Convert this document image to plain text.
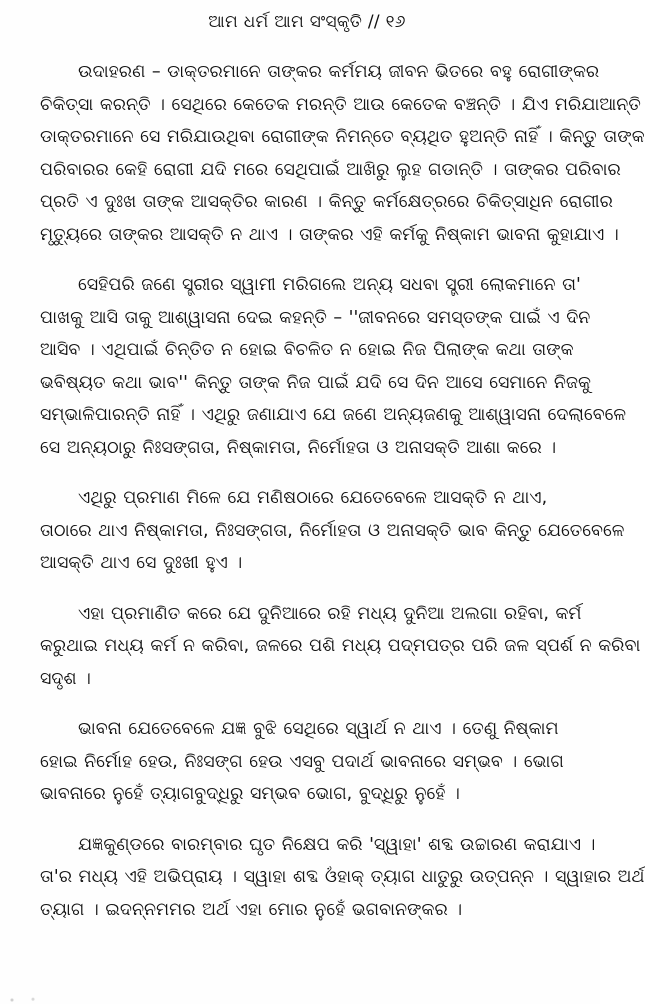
ଆମ ଧର୍ମ ଆମ ସଂସ୍କୃତି // ୧୬
ଉଦାହରଣ – ଡାକ୍ତରମାନେ ତାଙ୍କର କର୍ମମୟ ଜୀବନ ଭିତରେ ବହୁ ରୋଗୀଙ୍କର
ଚିକିତ୍ସା କରନ୍ତି । ସେଥିରେ କେତେକ ମରନ୍ତି ଆଉ କେତେକ ବଞ୍ଚନ୍ତି । ଯିଏ ମରିଯାଆନ୍ତି
ଡାକ୍ତରମାନେ ସେ ମରିଯାଉଥିବା ରୋଗୀଙ୍କ ନିମନ୍ତେ ବ୍ୟଥିତ ହୁଅନ୍ତି ନାହିଁ । କିନ୍ତୁ ତାଙ୍କ
ପରିବାରର କେହି ରୋଗୀ ଯଦି ମରେ ସେଥିପାଇଁ ଆଖିରୁ ଲୁହ ଗଡାନ୍ତି । ତାଙ୍କର ପରିବାର
ପ୍ରତି ଏ ଦୁଃଖ ତାଙ୍କ ଆସକ୍ତିର କାରଣ । କିନ୍ତୁ କର୍ମକ୍ଷେତ୍ରରେ ଚିକିତ୍ସାଧିନ ରୋଗୀର
ମୃତ୍ୟୁରେ ତାଙ୍କର ଆସକ୍ତି ନ ଥାଏ । ତାଙ୍କର ଏହି କର୍ମକୁ ନିଷ୍କାମ ଭାବନା କୁହାଯାଏ ।
ସେହିପରି ଜଣେ ସ୍ତ୍ରୀର ସ୍ୱାମୀ ମରିଗଲେ ଅନ୍ୟ ସଧବା ସ୍ତ୍ରୀ ଲୋକମାନେ ତା'
ପାଖକୁ ଆସି ତାକୁ ଆଶ୍ୱାସନା ଦେଇ କହନ୍ତି – ''ଜୀବନରେ ସମସ୍ତଙ୍କ ପାଇଁ ଏ ଦିନ
ଆସିବ । ଏଥିପାଇଁ ଚିନ୍ତିତ ନ ହୋଇ ବିଚଳିତ ନ ହୋଇ ନିଜ ପିଲାଙ୍କ କଥା ତାଙ୍କ
ଭବିଷ୍ୟତ କଥା ଭାବ'' କିନ୍ତୁ ତାଙ୍କ ନିଜ ପାଇଁ ଯଦି ସେ ଦିନ ଆସେ ସେମାନେ ନିଜକୁ
ସମ୍ଭାଳିପାରନ୍ତି ନାହିଁ । ଏଥିରୁ ଜଣାଯାଏ ଯେ ଜଣେ ଅନ୍ୟଜଣକୁ ଆଶ୍ୱାସନା ଦେଲାବେଳେ
ସେ ଅନ୍ୟଠାରୁ ନିଃସଙ୍ଗତା, ନିଷ୍କାମତା, ନିର୍ମୋହତା ଓ ଅନାସକ୍ତି ଆଶା କରେ ।
ଏଥିରୁ ପ୍ରମାଣ ମିଳେ ଯେ ମଣିଷଠାରେ ଯେତେବେଳେ ଆସକ୍ତି ନ ଥାଏ,
ତାଠାରେ ଥାଏ ନିଷ୍କାମତା, ନିଃସଙ୍ଗତା, ନିର୍ମୋହତା ଓ ଅନାସକ୍ତି ଭାବ କିନ୍ତୁ ଯେତେବେଳେ
ଆସକ୍ତି ଥାଏ ସେ ଦୁଃଖୀ ହୁଏ ।
ଏହା ପ୍ରମାଣିତ କରେ ଯେ ଦୁନିଆରେ ରହି ମଧ୍ୟ ଦୁନିଆ ଅଲଗା ରହିବା, କର୍ମ
କରୁଥାଇ ମଧ୍ୟ କର୍ମ ନ କରିବା, ଜଳରେ ପଶି ମଧ୍ୟ ପଦ୍ମପତ୍ର ପରି ଜଳ ସ୍ପର୍ଶ ନ କରିବା
ସଦୃଶ ।
ଭାବନା ଯେତେବେଳେ ଯଜ୍ଞ ବୁଝି ସେଥିରେ ସ୍ୱାର୍ଥ ନ ଥାଏ । ତେଣୁ ନିଷ୍କାମ
ହୋଇ ନିର୍ମୋହ ହେଉ, ନିଃସଙ୍ଗ ହେଉ ଏସବୁ ପଦାର୍ଥ ଭାବନାରେ ସମ୍ଭବ । ଭୋଗ
ଭାବନାରେ ନୁହେଁ ତ୍ୟାଗବୁଦ୍ଧିରୁ ସମ୍ଭବ ଭୋଗ, ବୁଦ୍ଧିରୁ ନୁହେଁ ।
ଯଜ୍ଞକୁଣ୍ଡରେ ବାରମ୍ବାର ଘୃତ ନିକ୍ଷେପ କରି 'ସ୍ୱାହା' ଶବ୍ଦ ଉଚ୍ଚାରଣ କରାଯାଏ ।
ତା'ର ମଧ୍ୟ ଏହି ଅଭିପ୍ରାୟ । ସ୍ୱାହା ଶବ୍ଦ ଓଁହାକ୍ ତ୍ୟାଗ ଧାତୁରୁ ଉତ୍ପନ୍ନ । ସ୍ୱାହାର ଅର୍ଥ
ତ୍ୟାଗ । ଇଦନ୍ନମମର ଅର୍ଥ ଏହା ମୋର ନୁହେଁ ଭଗବାନଙ୍କର ।
